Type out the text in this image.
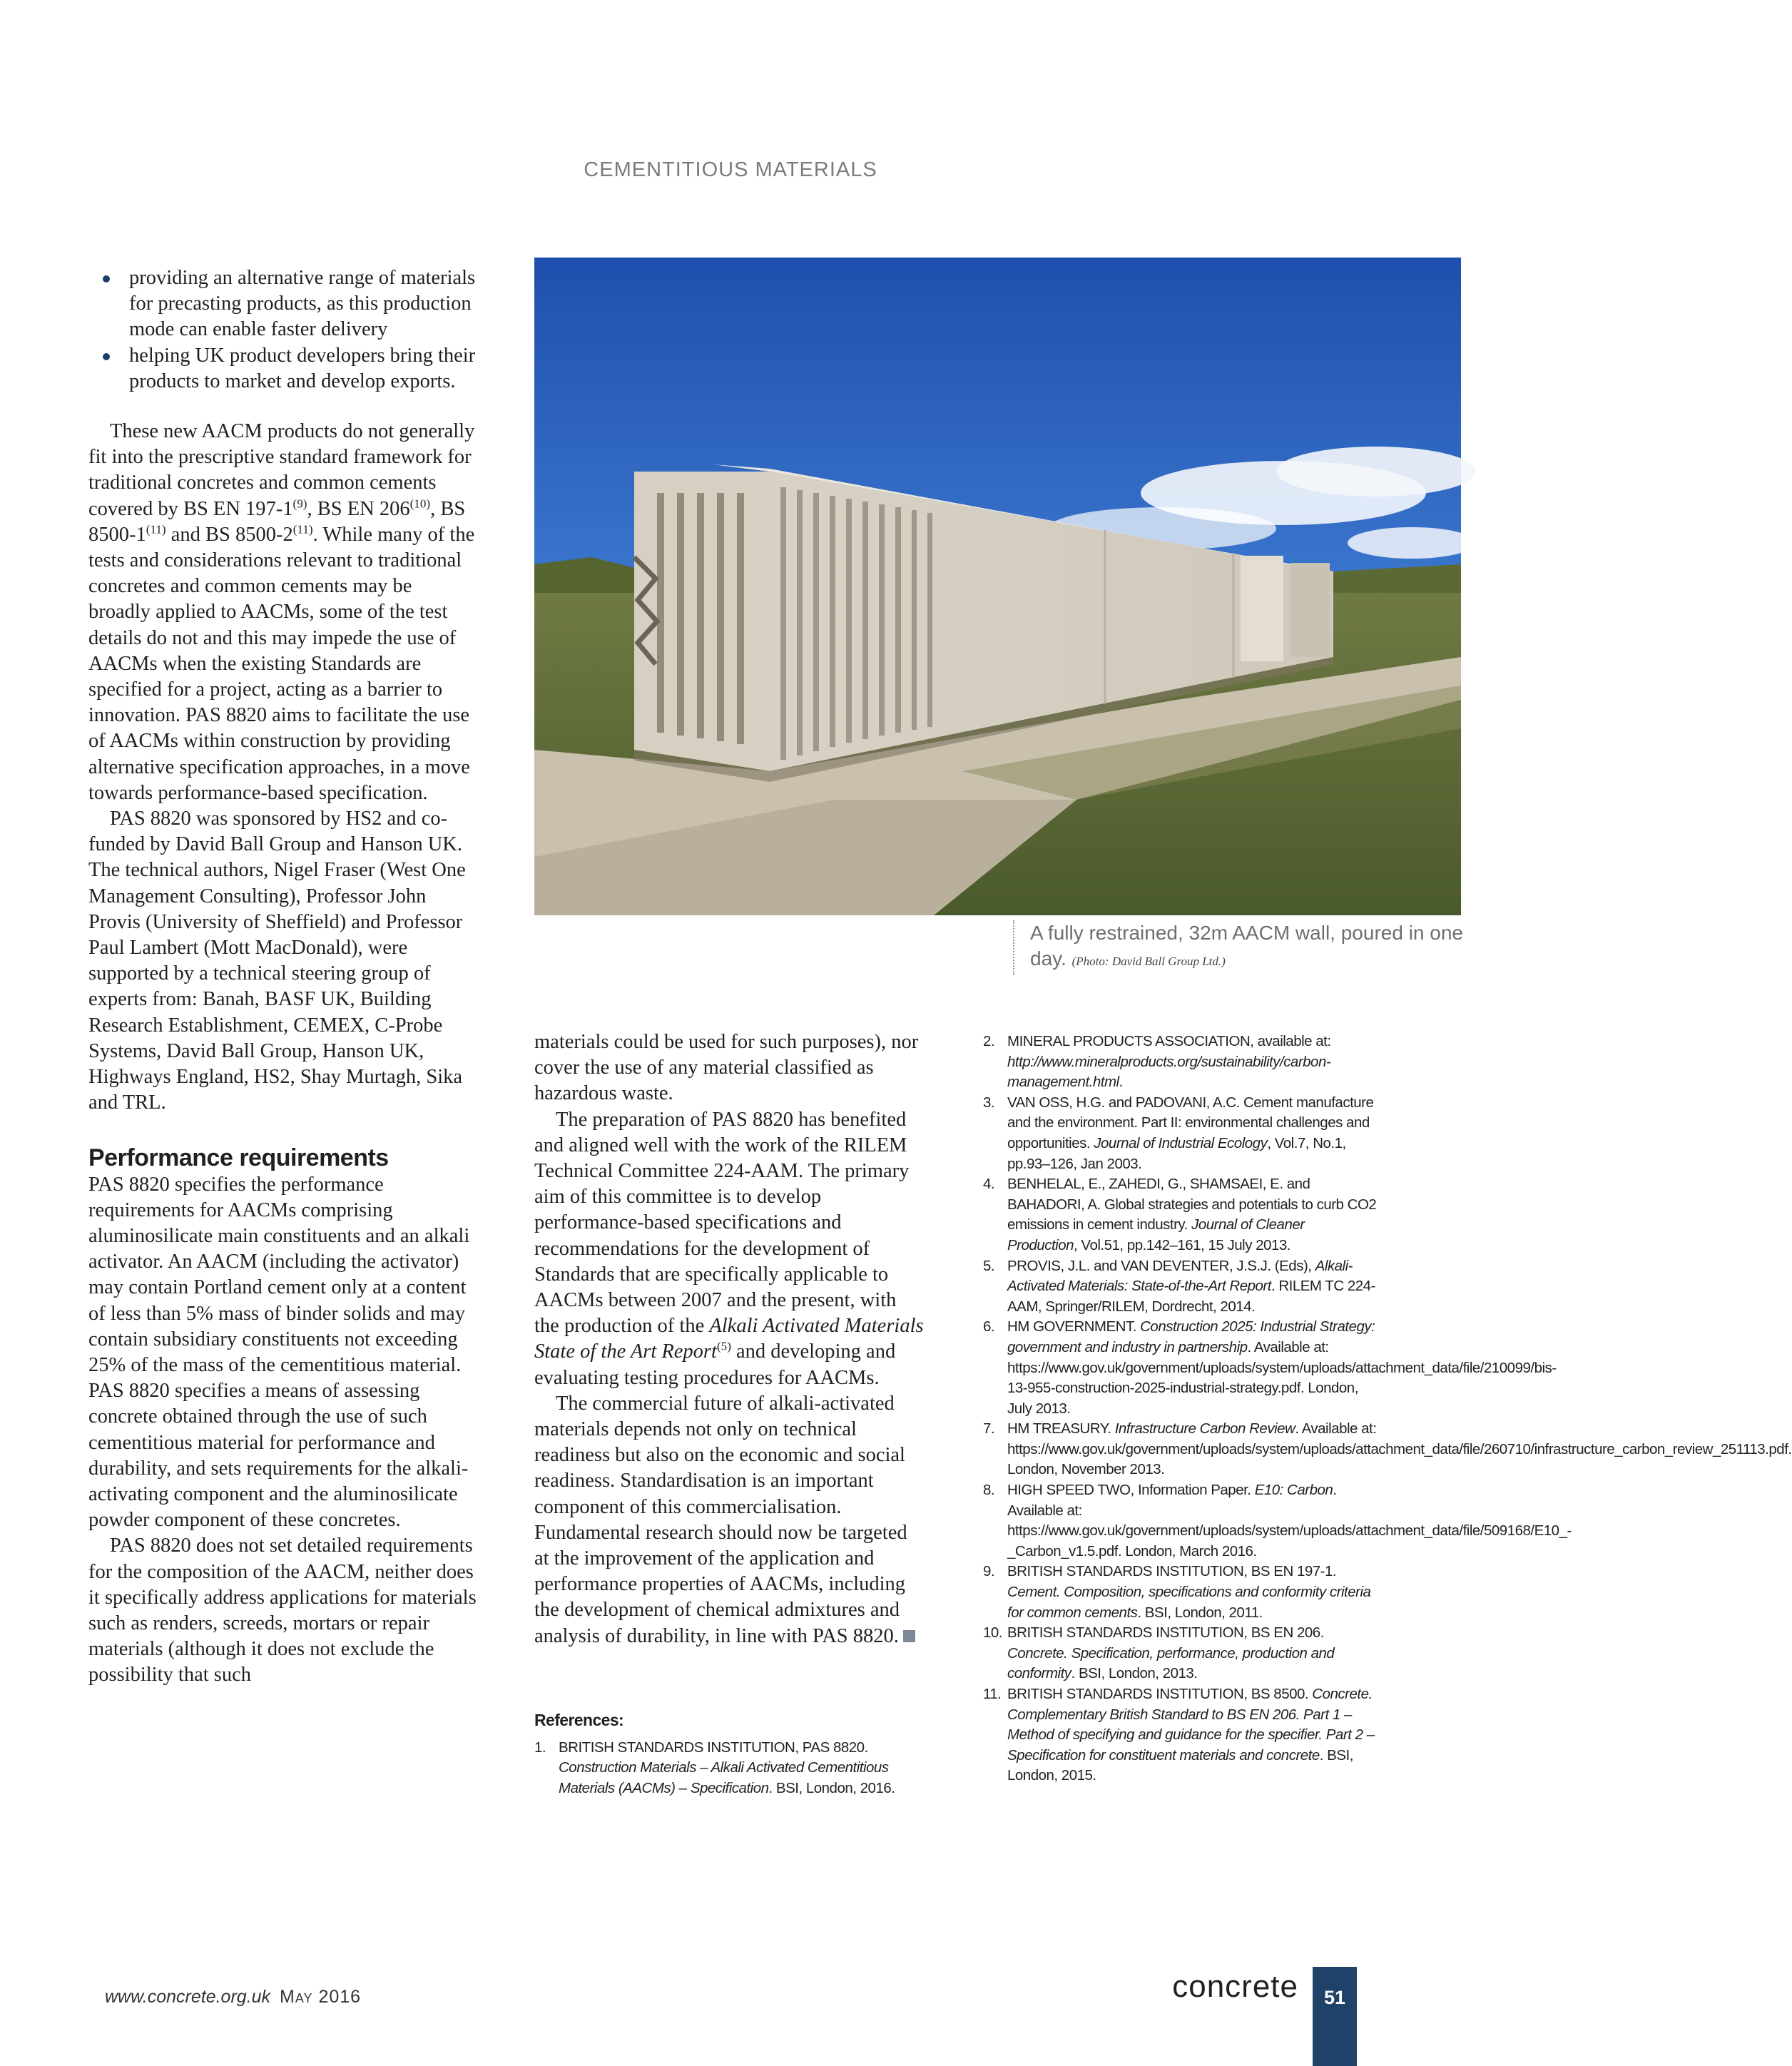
CEMENTITIOUS MATERIALS
providing an alternative range of materials for precasting products, as this production mode can enable faster delivery
helping UK product developers bring their products to market and develop exports.

These new AACM products do not generally fit into the prescriptive standard framework for traditional concretes and common cements covered by BS EN 197-1$^{(9)}$, BS EN 206$^{(10)}$, BS 8500-1$^{(11)}$ and BS 8500-2$^{(11)}$. While many of the tests and considerations relevant to traditional concretes and common cements may be broadly applied to AACMs, some of the test details do not and this may impede the use of AACMs when the existing Standards are specified for a project, acting as a barrier to innovation. PAS 8820 aims to facilitate the use of AACMs within construction by providing alternative specification approaches, in a move towards performance-based specification.

PAS 8820 was sponsored by HS2 and co-funded by David Ball Group and Hanson UK. The technical authors, Nigel Fraser (West One Management Consulting), Professor John Provis (University of Sheffield) and Professor Paul Lambert (Mott MacDonald), were supported by a technical steering group of experts from: Banah, BASF UK, Building Research Establishment, CEMEX, C-Probe Systems, David Ball Group, Hanson UK, Highways England, HS2, Shay Murtagh, Sika and TRL.

Performance requirements

PAS 8820 specifies the performance requirements for AACMs comprising aluminosilicate main constituents and an alkali activator. An AACM (including the activator) may contain Portland cement only at a content of less than 5% mass of binder solids and may contain subsidiary constituents not exceeding 25% of the mass of the cementitious material. PAS 8820 specifies a means of assessing concrete obtained through the use of such cementitious material for performance and durability, and sets requirements for the alkali-activating component and the aluminosilicate powder component of these concretes.

PAS 8820 does not set detailed requirements for the composition of the AACM, neither does it specifically address applications for materials such as renders, screeds, mortars or repair materials (although it does not exclude the possibility that such

A fully restrained, 32m AACM wall, poured in one day. (Photo: David Ball Group Ltd.)

materials could be used for such purposes), nor cover the use of any material classified as hazardous waste.

The preparation of PAS 8820 has benefited and aligned well with the work of the RILEM Technical Committee 224-AAM. The primary aim of this committee is to develop performance-based specifications and recommendations for the development of Standards that are specifically applicable to AACMs between 2007 and the present, with the production of the Alkali Activated Materials State of the Art Report$^{(5)}$ and developing and evaluating testing procedures for AACMs.

The commercial future of alkali-activated materials depends not only on technical readiness but also on the economic and social readiness. Standardisation is an important component of this commercialisation. Fundamental research should now be targeted at the improvement of the application and performance properties of AACMs, including the development of chemical admixtures and analysis of durability, in line with PAS 8820.

References:
1. BRITISH STANDARDS INSTITUTION, PAS 8820. Construction Materials – Alkali Activated Cementitious Materials (AACMs) – Specification. BSI, London, 2016.
2. MINERAL PRODUCTS ASSOCIATION, available at: http://www.mineralproducts.org/sustainability/carbon-management.html.
3. VAN OSS, H.G. and PADOVANI, A.C. Cement manufacture and the environment. Part II: environmental challenges and opportunities. Journal of Industrial Ecology, Vol.7, No.1, pp.93–126, Jan 2003.
4. BENHELAL, E., ZAHEDI, G., SHAMSAEI, E. and BAHADORI, A. Global strategies and potentials to curb CO2 emissions in cement industry. Journal of Cleaner Production, Vol.51, pp.142–161, 15 July 2013.
5. PROVIS, J.L. and VAN DEVENTER, J.S.J. (Eds), Alkali-Activated Materials: State-of-the-Art Report. RILEM TC 224-AAM, Springer/RILEM, Dordrecht, 2014.
6. HM GOVERNMENT. Construction 2025: Industrial Strategy: government and industry in partnership. Available at: https://www.gov.uk/government/uploads/system/uploads/attachment_data/file/210099/bis-13-955-construction-2025-industrial-strategy.pdf. London, July 2013.
7. HM TREASURY. Infrastructure Carbon Review. Available at: https://www.gov.uk/government/uploads/system/uploads/attachment_data/file/260710/infrastructure_carbon_review_251113.pdf. London, November 2013.
8. HIGH SPEED TWO, Information Paper. E10: Carbon. Available at: https://www.gov.uk/government/uploads/system/uploads/attachment_data/file/509168/E10_-_Carbon_v1.5.pdf. London, March 2016.
9. BRITISH STANDARDS INSTITUTION, BS EN 197-1. Cement. Composition, specifications and conformity criteria for common cements. BSI, London, 2011.
10. BRITISH STANDARDS INSTITUTION, BS EN 206. Concrete. Specification, performance, production and conformity. BSI, London, 2013.
11. BRITISH STANDARDS INSTITUTION, BS 8500. Concrete. Complementary British Standard to BS EN 206. Part 1 – Method of specifying and guidance for the specifier. Part 2 – Specification for constituent materials and concrete. BSI, London, 2015.
www.concrete.org.uk May 2016	concrete	51
